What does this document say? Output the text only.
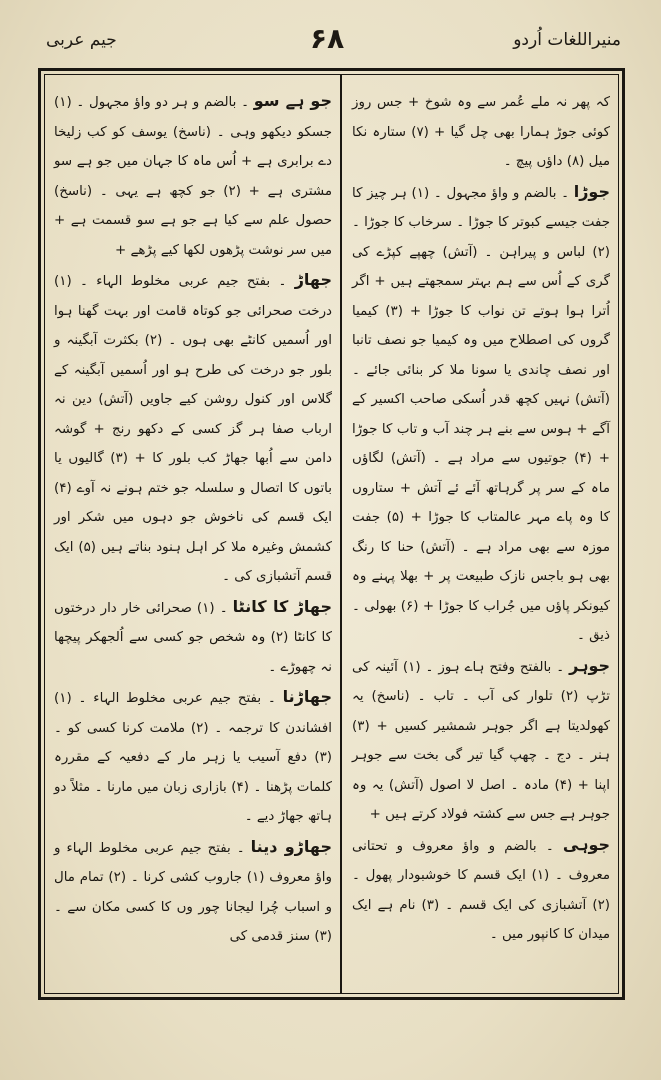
جیم عربی	۶۸	منیراللغات اُردو

کہ پھر نہ ملے عُمر سے وہ شوخ + جس روز کوئی جوڑ ہمارا بھی چل گیا + (۷) ستارہ نکا میل (۸) داؤں پیچ ۔

جوڑا ۔ بالضم و واؤ مجہول ۔ (۱) ہر چیز کا جفت جیسے کبوتر کا جوڑا ۔ سرخاب کا جوڑا ۔ (۲) لباس و پیراہن ۔ (آتش) چھپے کپڑے کی گری کے اُس سے ہم بہتر سمجھتے ہیں + اگر اُترا ہوا ہوتے تن نواب کا جوڑا + (۳) کیمیا گروں کی اصطلاح میں وہ کیمیا جو نصف تانبا اور نصف چاندی یا سونا ملا کر بنائی جائے ۔ (آتش) نہیں کچھ قدر اُسکی صاحب اکسیر کے آگے + ہوس سے بنے ہر چند آب و تاب کا جوڑا + (۴) جوتیوں سے مراد ہے ۔ (آتش) لگاؤں ماہ کے سر پر گرہاتھ آئے ئے آتش + ستاروں کا وہ پاے مہر عالمتاب کا جوڑا + (۵) جفت موزہ سے بھی مراد ہے ۔ (آتش) حنا کا رنگ بھی ہو باجس نازک طبیعت پر + بھلا پہنے وہ کیونکر پاؤں میں جُراب کا جوڑا + (۶) بھولی ۔ ذیق ۔

جوہر ۔ بالفتح وفتح ہاے ہوز ۔ (۱) آئینہ کی تڑپ (۲) تلوار کی آب ۔ تاب ۔ (ناسخ) یہ کھولدیتا ہے اگر جوہر شمشیر کسیں + (۳) ہنر ۔ دج ۔ چھپ گیا تیر گی بخت سے جوہر اپنا + (۴) مادہ ۔ اصل لا اصول (آتش) یہ وہ جوہر ہے جس سے کشتہ فولاد کرتے ہیں +

جوہی ۔ بالضم و واؤ معروف و تحتانی معروف ۔ (۱) ایک قسم کا خوشبودار پھول ۔ (۲) آتشبازی کی ایک قسم ۔ (۳) نام ہے ایک میدان کا کانپور میں ۔

جو ہے سو ۔ بالضم و ہر دو واؤ مجہول ۔ (۱) جسکو دیکھو وہی ۔ (ناسخ) یوسف کو کب زلیخا دے برابری ہے + اُس ماہ کا جہان میں جو ہے سو مشتری ہے + (۲) جو کچھ ہے یہی ۔ (ناسخ) حصول علم سے کیا ہے جو ہے سو قسمت ہے + میں سر نوشت پڑھوں لکھا کیے پڑھے +

جھاڑ ۔ بفتح جیم عربی مخلوط الہاء ۔ (۱) درخت صحرائی جو کوتاہ قامت اور بہت گھنا ہوا اور اُسمیں کانٹے بھی ہوں ۔ (۲) بکثرت آبگینہ و بلور جو درخت کی طرح ہو اور اُسمیں آبگینہ کے گلاس اور کنول روشن کیے جاویں (آتش) دین نہ ارباب صفا ہر گز کسی کے دکھو رنج + گوشہ دامن سے اُبھا جھاڑ کب بلور کا + (۳) گالیوں یا باتوں کا اتصال و سلسلہ جو ختم ہونے نہ آوے (۴) ایک قسم کی ناخوش جو دہوں میں شکر اور کشمش وغیرہ ملا کر اہل ہنود بناتے ہیں (۵) ایک قسم آتشبازی کی ۔

جھاڑ کا کانٹا ۔ (۱) صحرائی خار دار درختوں کا کانٹا (۲) وہ شخص جو کسی سے اُلجھکر پیچھا نہ چھوڑے ۔

جھاڑنا ۔ بفتح جیم عربی مخلوط الہاء ۔ (۱) افشاندن کا ترجمہ ۔ (۲) ملامت کرنا کسی کو ۔ (۳) دفع آسیب یا زہر مار کے دفعیہ کے مقررہ کلمات پڑھنا ۔ (۴) بازاری زبان میں مارنا ۔ مثلاً دو ہاتھ جھاڑ دیے ۔

جھاڑو دینا ۔ بفتح جیم عربی مخلوط الہاء و واؤ معروف (۱) جاروب کشی کرنا ۔ (۲) تمام مال و اسباب چُرا لیجانا چور وں کا کسی مکان سے ۔ (۳) سنز قدمی کی
